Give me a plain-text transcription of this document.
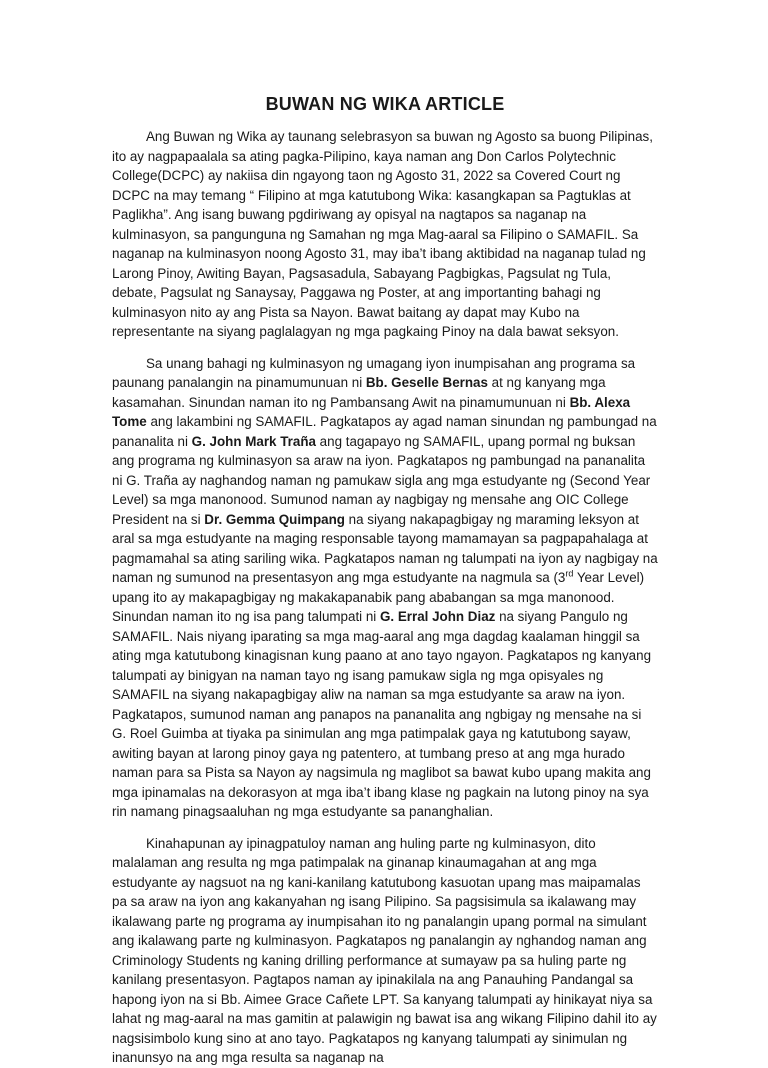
BUWAN NG WIKA ARTICLE

Ang Buwan ng Wika ay taunang selebrasyon sa buwan ng Agosto sa buong Pilipinas, ito ay nagpapaalala sa ating pagka-Pilipino, kaya naman ang Don Carlos Polytechnic College(DCPC) ay nakiisa din ngayong taon ng Agosto 31, 2022 sa Covered Court ng DCPC na may temang “ Filipino at mga katutubong Wika: kasangkapan sa Pagtuklas at Paglikha”. Ang isang buwang pgdiriwang ay opisyal na nagtapos sa naganap na kulminasyon, sa pangunguna ng Samahan ng mga Mag-aaral sa Filipino o SAMAFIL. Sa naganap na kulminasyon noong Agosto 31, may iba’t ibang aktibidad na naganap tulad ng Larong Pinoy, Awiting Bayan, Pagsasadula, Sabayang Pagbigkas, Pagsulat ng Tula, debate, Pagsulat ng Sanaysay, Paggawa ng Poster, at ang importanting bahagi ng kulminasyon nito ay ang Pista sa Nayon. Bawat baitang ay dapat may Kubo na representante na siyang paglalagyan ng mga pagkaing Pinoy na dala bawat seksyon.

Sa unang bahagi ng kulminasyon ng umagang iyon inumpisahan ang programa sa paunang panalangin na pinamumunuan ni Bb. Geselle Bernas at ng kanyang mga kasamahan. Sinundan naman ito ng Pambansang Awit na pinamumunuan ni Bb. Alexa Tome ang lakambini ng SAMAFIL. Pagkatapos ay agad naman sinundan ng pambungad na pananalita ni G. John Mark Traña ang tagapayo ng SAMAFIL, upang pormal ng buksan ang programa ng kulminasyon sa araw na iyon. Pagkatapos ng pambungad na pananalita ni G. Traña ay naghandog naman ng pamukaw sigla ang mga estudyante ng (Second Year Level) sa mga manonood. Sumunod naman ay nagbigay ng mensahe ang OIC College President na si Dr. Gemma Quimpang na siyang nakapagbigay ng maraming leksyon at aral sa mga estudyante na maging responsable tayong mamamayan sa pagpapahalaga at pagmamahal sa ating sariling wika. Pagkatapos naman ng talumpati na iyon ay nagbigay na naman ng sumunod na presentasyon ang mga estudyante na nagmula sa (3rd Year Level) upang ito ay makapagbigay ng makakapanabik pang ababangan sa mga manonood. Sinundan naman ito ng isa pang talumpati ni G. Erral John Diaz na siyang Pangulo ng SAMAFIL. Nais niyang iparating sa mga mag-aaral ang mga dagdag kaalaman hinggil sa ating mga katutubong kinagisnan kung paano at ano tayo ngayon. Pagkatapos ng kanyang talumpati ay binigyan na naman tayo ng isang pamukaw sigla ng mga opisyales ng SAMAFIL na siyang nakapagbigay aliw na naman sa mga estudyante sa araw na iyon. Pagkatapos, sumunod naman ang panapos na pananalita ang ngbigay ng mensahe na si G. Roel Guimba at tiyaka pa sinimulan ang mga patimpalak gaya ng katutubong sayaw, awiting bayan at larong pinoy gaya ng patentero, at tumbang preso at ang mga hurado naman para sa Pista sa Nayon ay nagsimula ng maglibot sa bawat kubo upang makita ang mga ipinamalas na dekorasyon at mga iba’t ibang klase ng pagkain na lutong pinoy na sya rin namang pinagsaaluhan ng mga estudyante sa pananghalian.

Kinahapunan ay ipinagpatuloy naman ang huling parte ng kulminasyon, dito malalaman ang resulta ng mga patimpalak na ginanap kinaumagahan at ang mga estudyante ay nagsuot na ng kani-kanilang katutubong kasuotan upang mas maipamalas pa sa araw na iyon ang kakanyahan ng isang Pilipino. Sa pagsisimula sa ikalawang may ikalawang parte ng programa ay inumpisahan ito ng panalangin upang pormal na simulant ang ikalawang parte ng kulminasyon. Pagkatapos ng panalangin ay nghandog naman ang Criminology Students ng kaning drilling performance at sumayaw pa sa huling parte ng kanilang presentasyon. Pagtapos naman ay ipinakilala na ang Panauhing Pandangal sa hapong iyon na si Bb. Aimee Grace Cañete LPT. Sa kanyang talumpati ay hinikayat niya sa lahat ng mag-aaral na mas gamitin at palawigin ng bawat isa ang wikang Filipino dahil ito ay nagsisimbolo kung sino at ano tayo. Pagkatapos ng kanyang talumpati ay sinimulan ng inanunsyo na ang mga resulta sa naganap na
